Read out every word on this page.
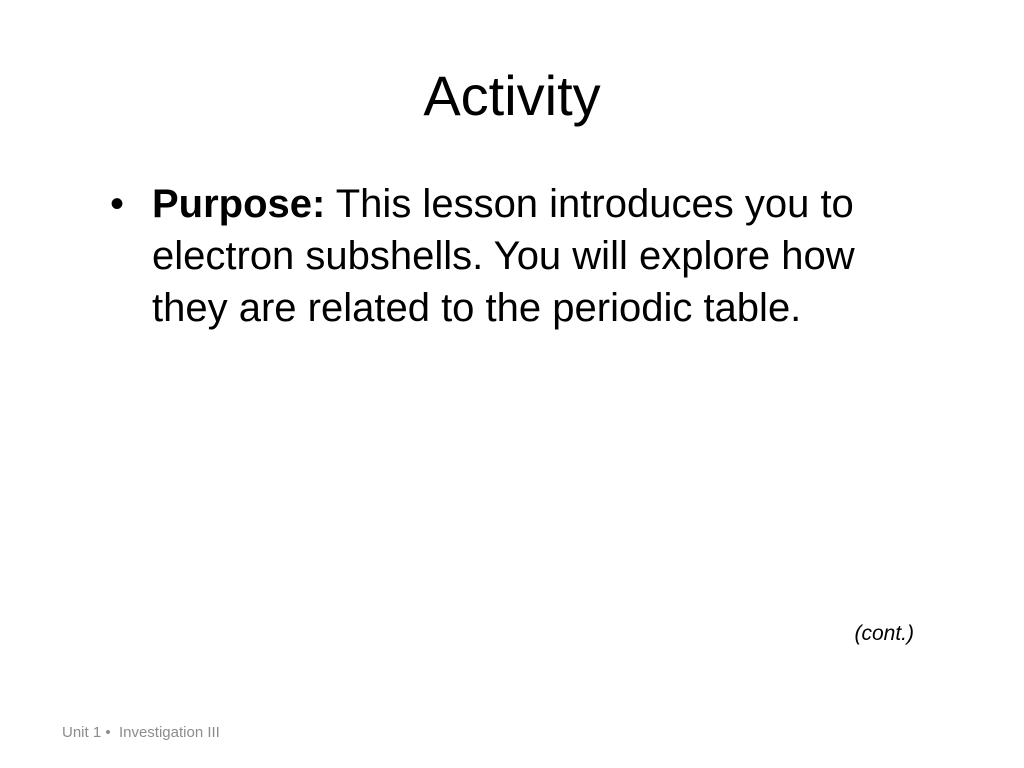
Activity
• Purpose: This lesson introduces you to electron subshells. You will explore how they are related to the periodic table.
(cont.)
Unit 1 •  Investigation III
